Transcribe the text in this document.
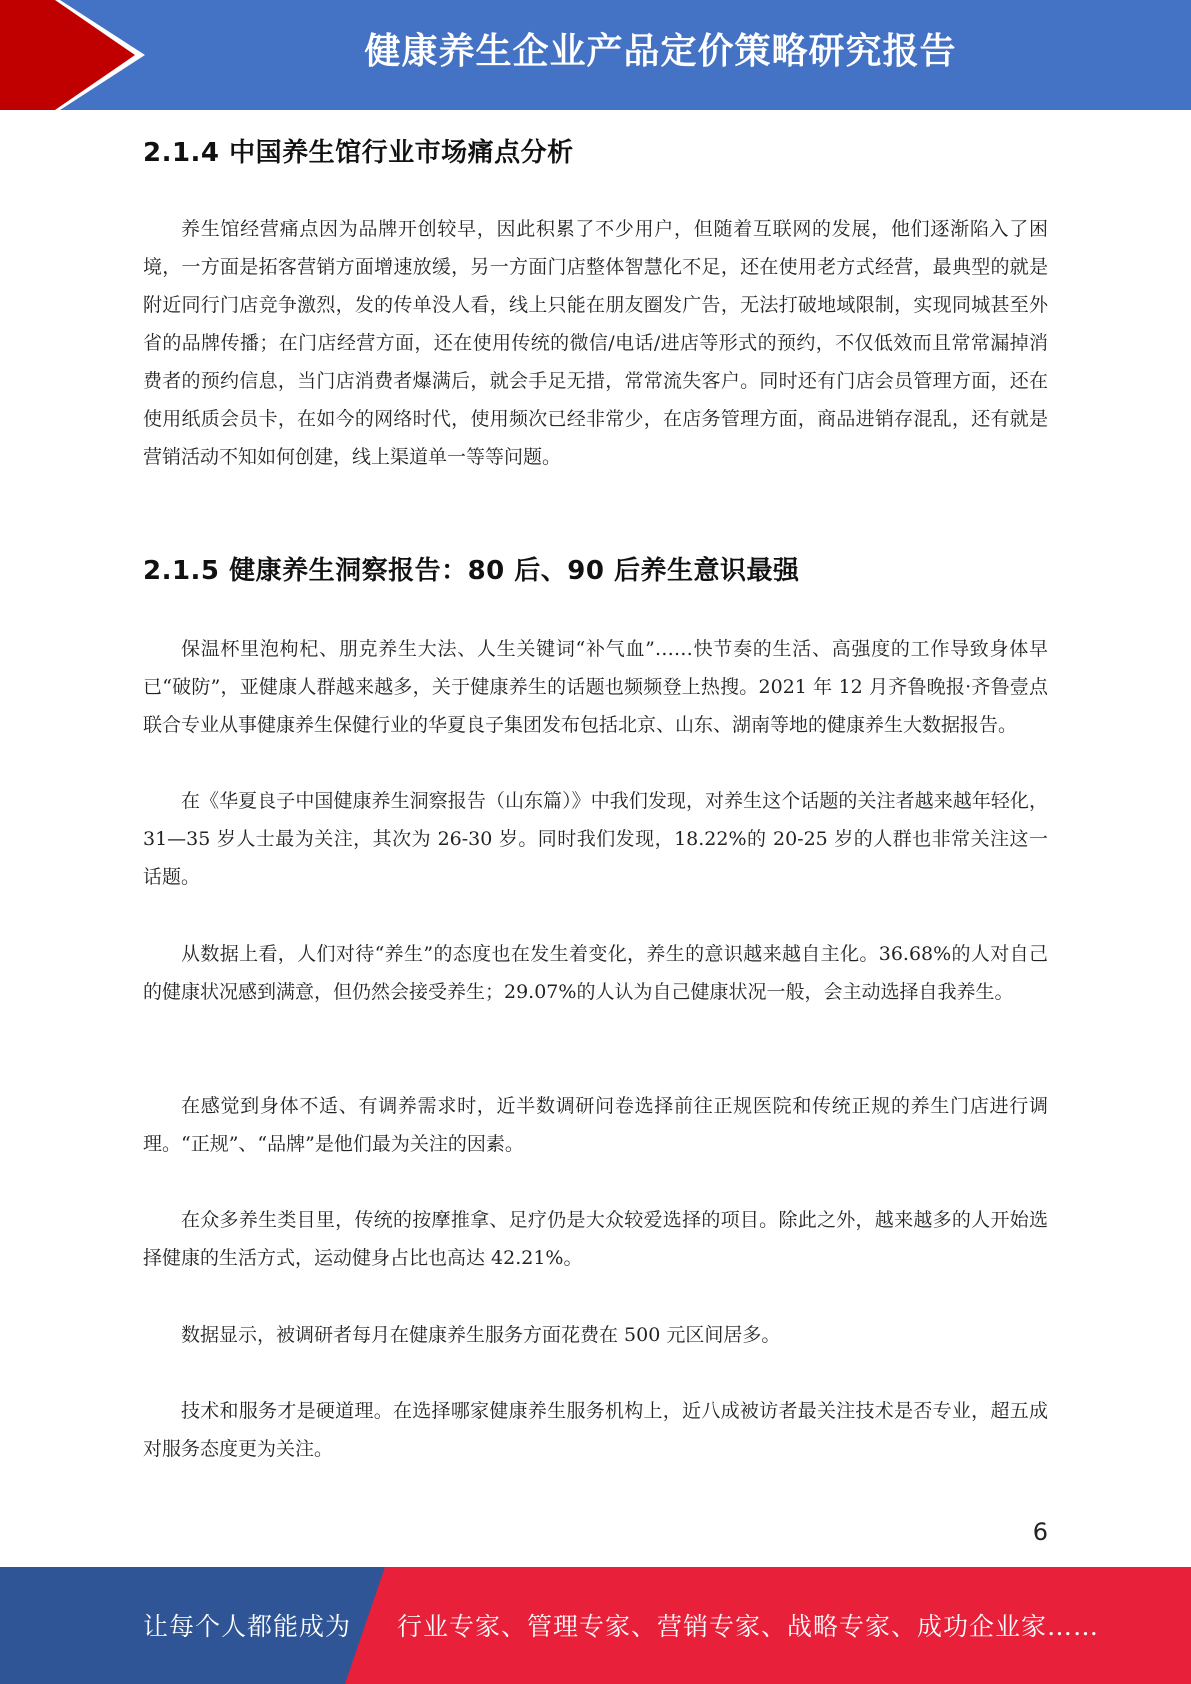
健康养生企业产品定价策略研究报告
2.1.4 中国养生馆行业市场痛点分析

养生馆经营痛点因为品牌开创较早，因此积累了不少用户，但随着互联网的发展，他们逐渐陷入了困境，一方面是拓客营销方面增速放缓，另一方面门店整体智慧化不足，还在使用老方式经营，最典型的就是附近同行门店竞争激烈，发的传单没人看，线上只能在朋友圈发广告，无法打破地域限制，实现同城甚至外省的品牌传播；在门店经营方面，还在使用传统的微信/电话/进店等形式的预约，不仅低效而且常常漏掉消费者的预约信息，当门店消费者爆满后，就会手足无措，常常流失客户。同时还有门店会员管理方面，还在使用纸质会员卡，在如今的网络时代，使用频次已经非常少，在店务管理方面，商品进销存混乱，还有就是营销活动不知如何创建，线上渠道单一等等问题。

2.1.5 健康养生洞察报告：80 后、90 后养生意识最强

保温杯里泡枸杞、朋克养生大法、人生关键词“补气血”……快节奏的生活、高强度的工作导致身体早已“破防”，亚健康人群越来越多，关于健康养生的话题也频频登上热搜。2021 年 12 月齐鲁晚报·齐鲁壹点联合专业从事健康养生保健行业的华夏良子集团发布包括北京、山东、湖南等地的健康养生大数据报告。

在《华夏良子中国健康养生洞察报告（山东篇）》中我们发现，对养生这个话题的关注者越来越年轻化，31—35 岁人士最为关注，其次为 26-30 岁。同时我们发现，18.22%的 20-25 岁的人群也非常关注这一话题。

从数据上看，人们对待“养生”的态度也在发生着变化，养生的意识越来越自主化。36.68%的人对自己的健康状况感到满意，但仍然会接受养生；29.07%的人认为自己健康状况一般，会主动选择自我养生。

在感觉到身体不适、有调养需求时，近半数调研问卷选择前往正规医院和传统正规的养生门店进行调理。“正规”、“品牌”是他们最为关注的因素。

在众多养生类目里，传统的按摩推拿、足疗仍是大众较爱选择的项目。除此之外，越来越多的人开始选择健康的生活方式，运动健身占比也高达 42.21%。

数据显示，被调研者每月在健康养生服务方面花费在 500 元区间居多。

技术和服务才是硬道理。在选择哪家健康养生服务机构上，近八成被访者最关注技术是否专业，超五成对服务态度更为关注。

6
让每个人都能成为 行业专家、管理专家、营销专家、战略专家、成功企业家……
